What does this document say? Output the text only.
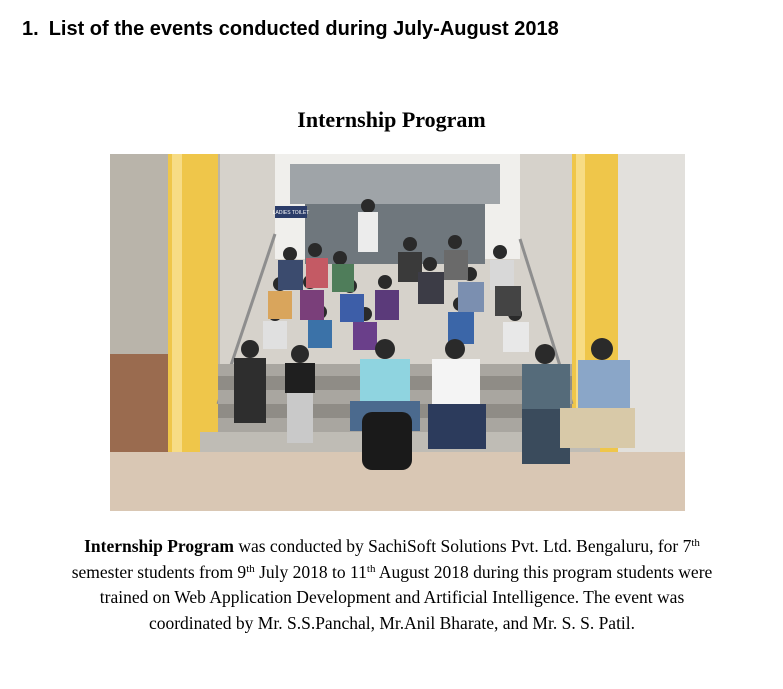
1. List of the events conducted during July-August 2018
Internship Program
LADIES TOILET
Internship Program was conducted by SachiSoft Solutions Pvt. Ltd. Bengaluru, for 7th
semester students from 9th July 2018 to 11th August 2018 during this program students were
trained on Web Application Development and Artificial Intelligence. The event was
coordinated by Mr. S.S.Panchal, Mr.Anil Bharate, and Mr. S. S. Patil.
